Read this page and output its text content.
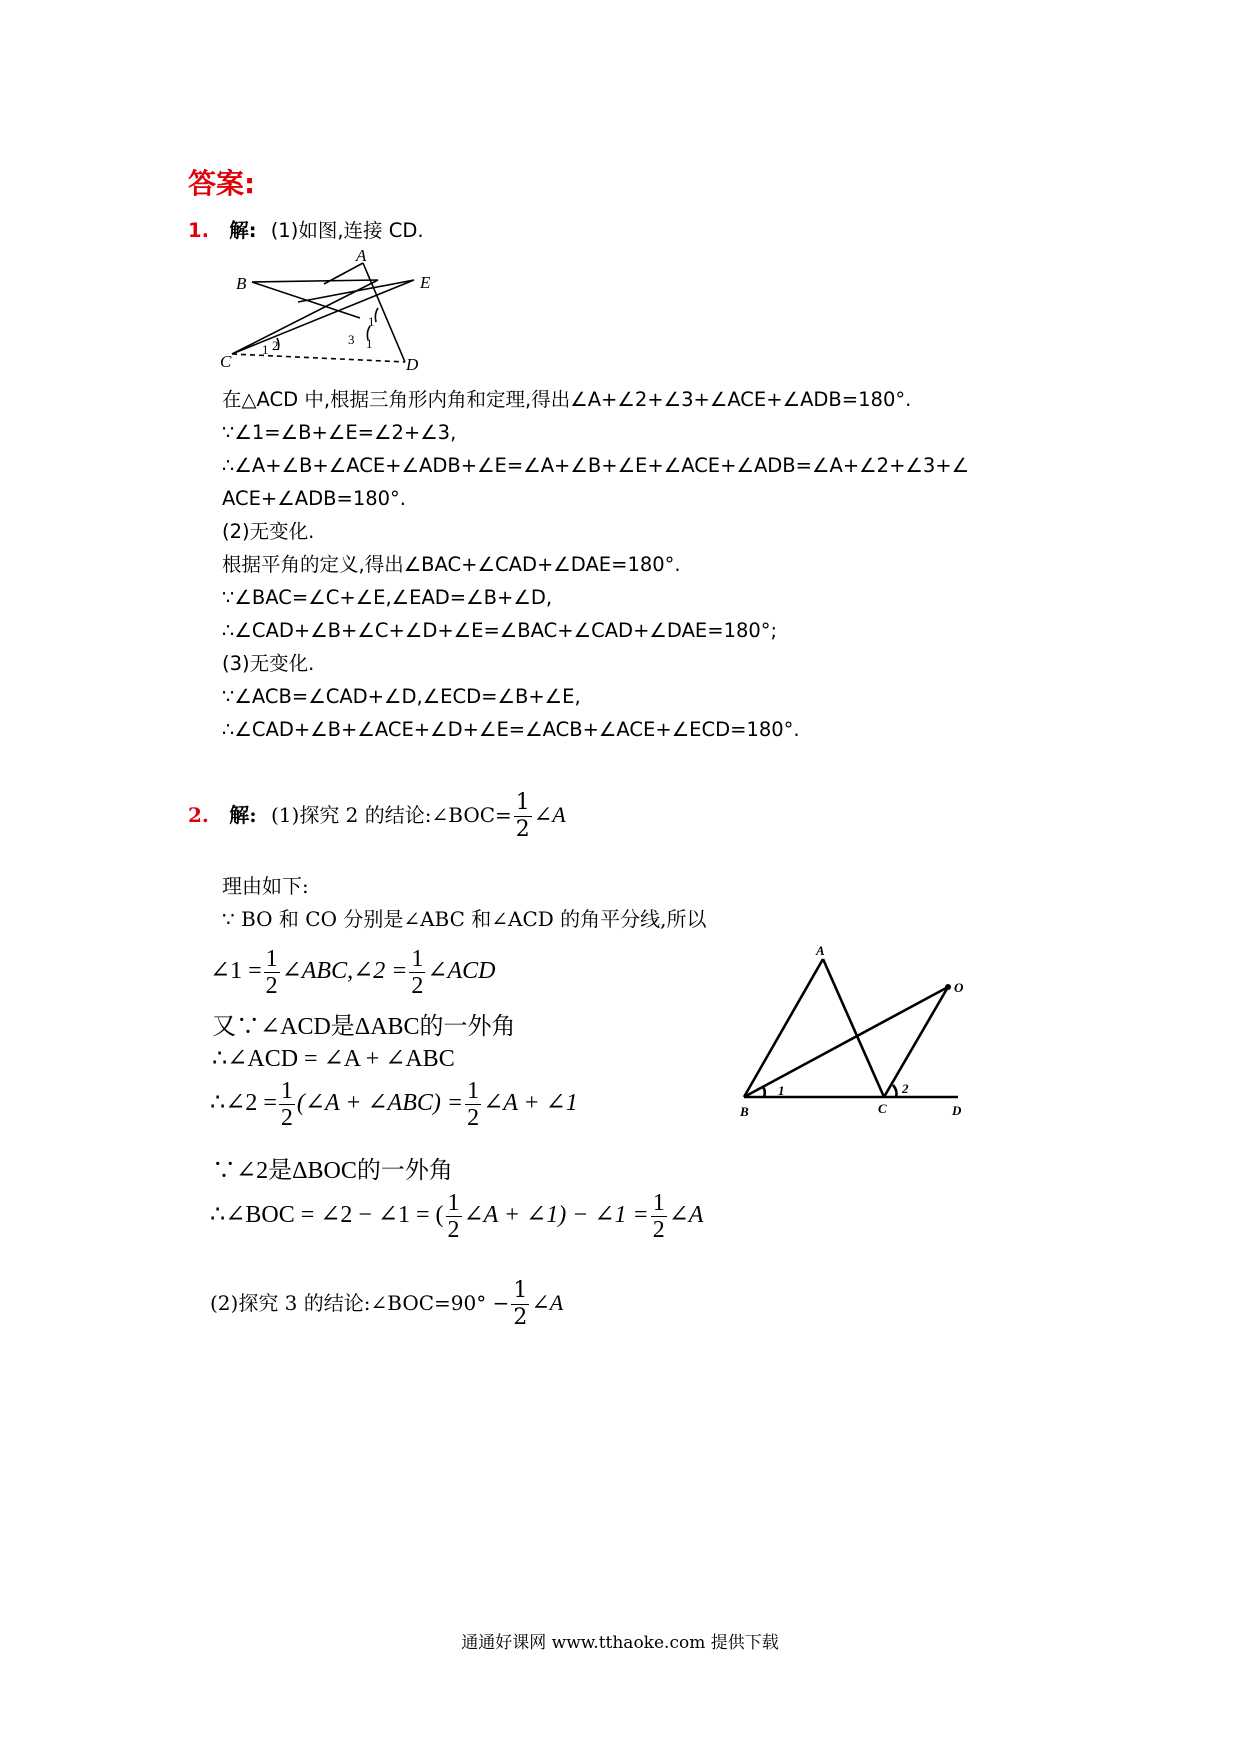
答案:
1. 解: (1)如图,连接 CD.
A
B
C	D
E
1 2	3 1
1
在△ACD 中,根据三角形内角和定理,得出∠A+∠2+∠3+∠ACE+∠ADB=180°.
∵∠1=∠B+∠E=∠2+∠3,
∴∠A+∠B+∠ACE+∠ADB+∠E=∠A+∠B+∠E+∠ACE+∠ADB=∠A+∠2+∠3+∠
ACE+∠ADB=180°.
(2)无变化.
根据平角的定义,得出∠BAC+∠CAD+∠DAE=180°.
∵∠BAC=∠C+∠E,∠EAD=∠B+∠D,
∴∠CAD+∠B+∠C+∠D+∠E=∠BAC+∠CAD+∠DAE=180°;
(3)无变化.
∵∠ACB=∠CAD+∠D,∠ECD=∠B+∠E,
∴∠CAD+∠B+∠ACE+∠D+∠E=∠ACB+∠ACE+∠ECD=180°.
2. 解: (1)探究 2 的结论:∠BOC= $\frac{1}{2}$ ∠A
理由如下:
∵ BO 和 CO 分别是∠ABC 和∠ACD 的角平分线,所以
∠1 = $\frac{1}{2}$ ∠ABC,∠2 = $\frac{1}{2}$ ∠ACD
又∵∠ACD是ΔABC的一外角
∴∠ACD = ∠A + ∠ABC
∴∠2 = $\frac{1}{2}$ (∠A + ∠ABC) = $\frac{1}{2}$ ∠A + ∠1
∵∠2是ΔBOC的一外角
∴∠BOC = ∠2 − ∠1 = ( $\frac{1}{2}$ ∠A + ∠1) − ∠1 = $\frac{1}{2}$ ∠A
(2)探究 3 的结论:∠BOC=90° − $\frac{1}{2}$ ∠A
A
B	C	D
O
1	2
通通好课网 www.tthaoke.com 提供下载
